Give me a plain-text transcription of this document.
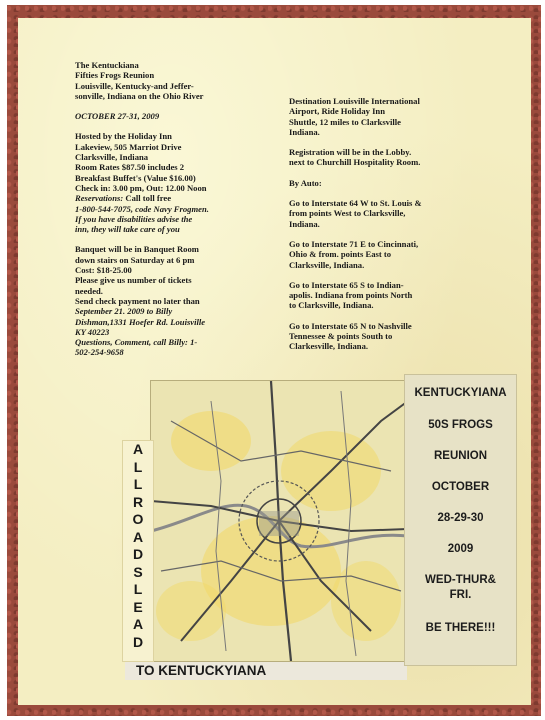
The Kentuckiana
Fifties Frogs Reunion
Louisville, Kentucky-and Jeffer-
sonville, Indiana on the Ohio River

OCTOBER 27-31, 2009

Hosted by the Holiday Inn
Lakeview, 505 Marriot Drive
Clarksville, Indiana
Room Rates $87.50 includes 2
Breakfast Buffet's (Value $16.00)
Check in: 3.00 pm, Out: 12.00 Noon
Reservations: Call toll free
1-800-544-7075, code Navy Frogmen.
If you have disabilities advise the
inn, they will take care of you

Banquet will be in Banquet Room
down stairs on Saturday at 6 pm
Cost: $18-25.00
Please give us number of tickets
needed.
Send check payment no later than
September 21. 2009 to Billy
Dishman,1331 Hoefer Rd. Louisville
KY 40223
Questions, Comment, call Billy: 1-
502-254-9658

Destination Louisville International
Airport, Ride Holiday Inn
Shuttle, 12 miles to Clarksville
Indiana.

Registration will be in the Lobby.
next to Churchill Hospitality Room.

By Auto:

Go to Interstate 64 W to St. Louis &
from points West to Clarksville,
Indiana.

Go to Interstate 71 E to Cincinnati,
Ohio & from. points East to
Clarksville, Indiana.

Go to Interstate 65 S to Indian-
apolis. Indiana from points North
to Clarksville, Indiana.

Go to Interstate 65 N to Nashville
Tennessee & points South to
Clarkesville, Indiana.

A
L
L
R
O
A
D
S
L
E
A
D
TO KENTUCKYIANA
KENTUCKYIANA
50S FROGS
REUNION
OCTOBER
28-29-30
2009
WED-THUR&
FRI.
BE THERE!!!
